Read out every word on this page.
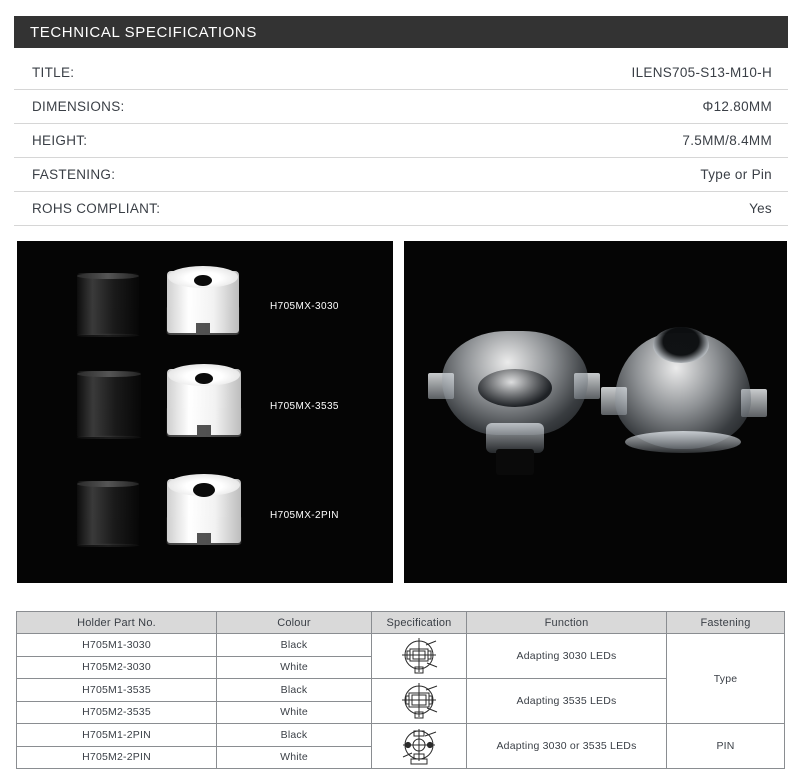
TECHNICAL SPECIFICATIONS
TITLE:	ILENS705-S13-M10-H
DIMENSIONS:	Φ12.80MM
HEIGHT:	7.5MM/8.4MM
FASTENING:	Type or Pin
ROHS COMPLIANT:	Yes
H705MX-3030
H705MX-3535
H705MX-2PIN
Holder Part No.	Colour	Specification	Function	Fastening
H705M1-3030	Black		Adapting 3030 LEDs	Type
H705M2-3030	White			
H705M1-3535	Black		Adapting 3535 LEDs	
H705M2-3535	White			
H705M1-2PIN	Black		Adapting 3030 or 3535 LEDs	PIN
H705M2-2PIN	White			
